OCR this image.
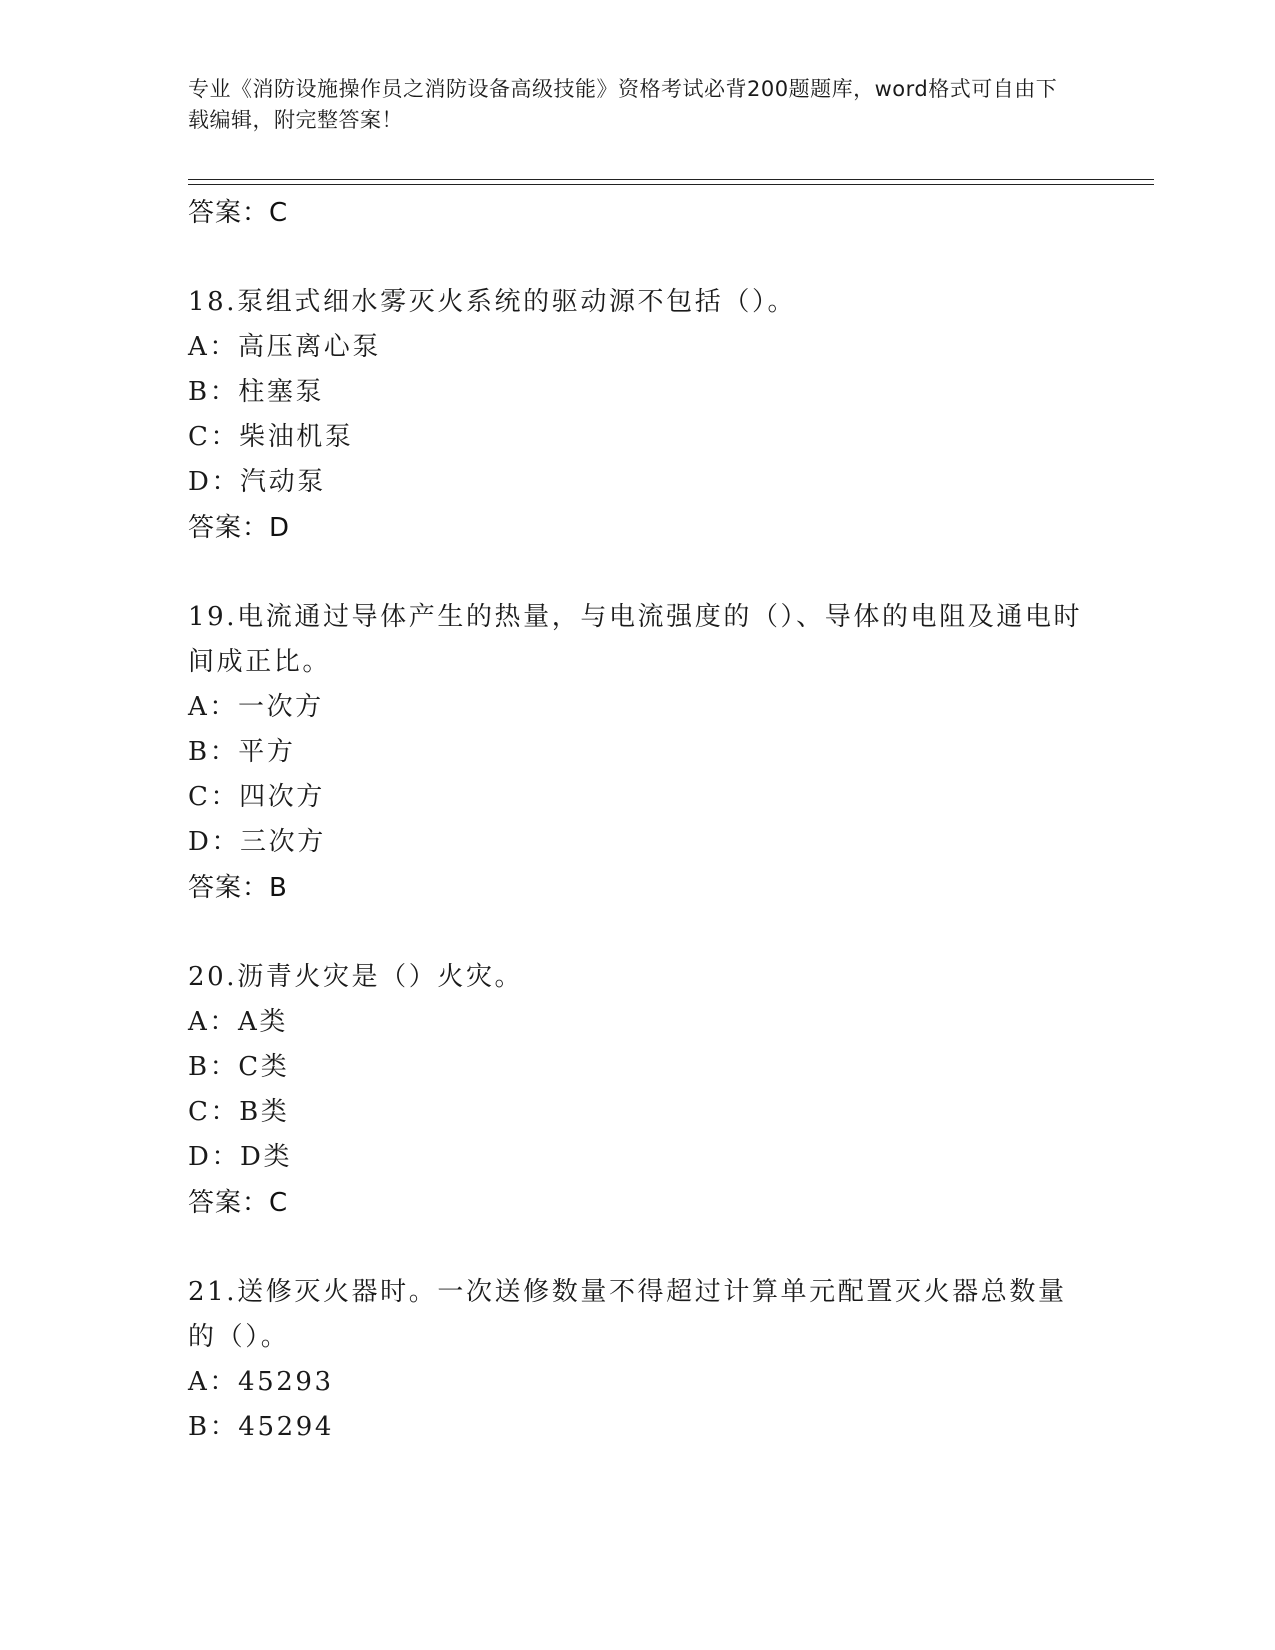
专业《消防设施操作员之消防设备高级技能》资格考试必背200题题库，word格式可自由下载编辑，附完整答案！
答案：C
18.泵组式细水雾灭火系统的驱动源不包括（）。
A：高压离心泵
B：柱塞泵
C：柴油机泵
D：汽动泵
答案：D
19.电流通过导体产生的热量，与电流强度的（）、导体的电阻及通电时间成正比。
A：一次方
B：平方
C：四次方
D：三次方
答案：B
20.沥青火灾是（）火灾。
A：A类
B：C类
C：B类
D：D类
答案：C
21.送修灭火器时。一次送修数量不得超过计算单元配置灭火器总数量的（）。
A：45293
B：45294
